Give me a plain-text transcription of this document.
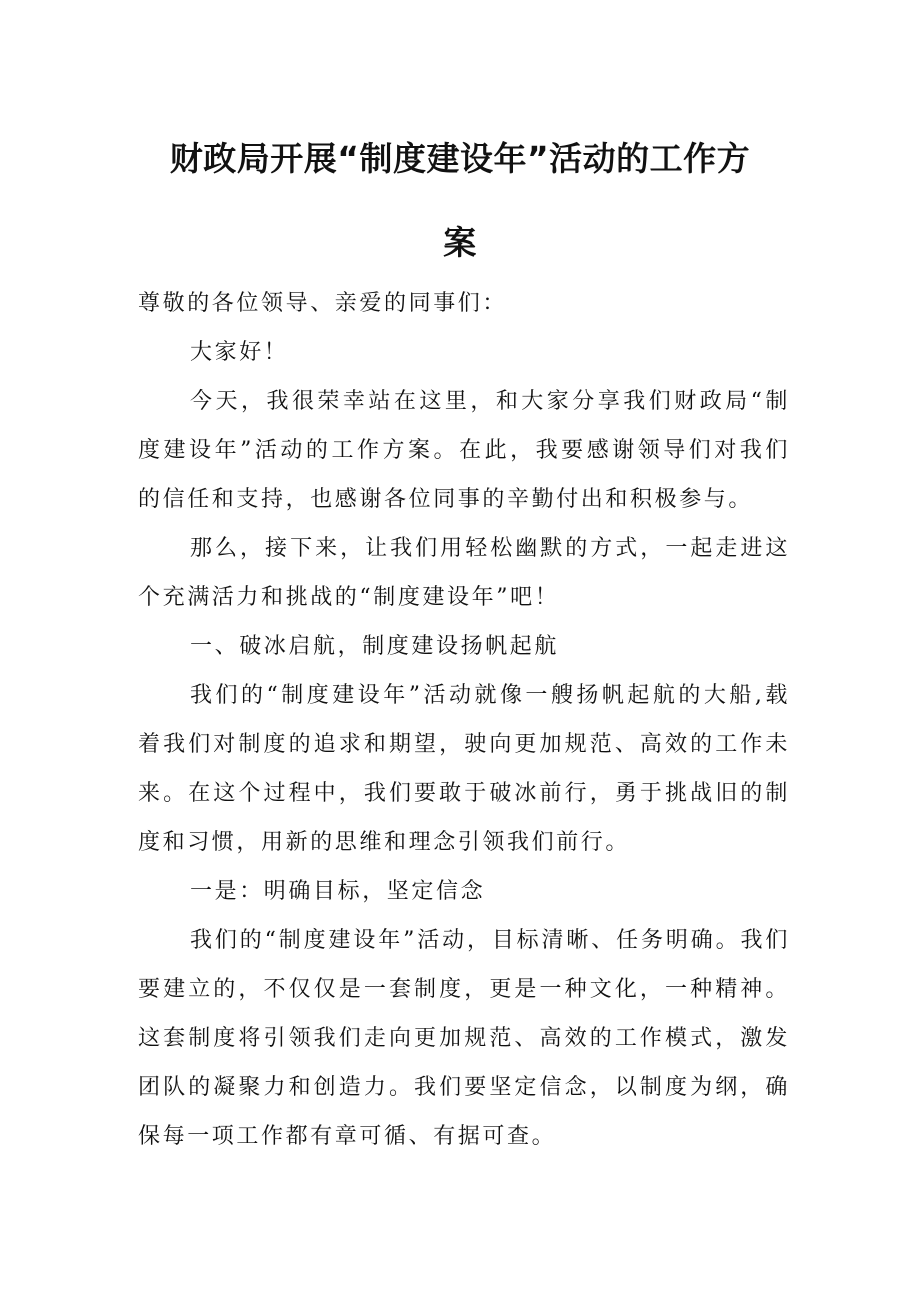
财政局开展“制度建设年”活动的工作方
案

尊敬的各位领导、亲爱的同事们：

大家好！

今天，我很荣幸站在这里，和大家分享我们财政局“制度建设年”活动的工作方案。在此，我要感谢领导们对我们的信任和支持，也感谢各位同事的辛勤付出和积极参与。

那么，接下来，让我们用轻松幽默的方式，一起走进这个充满活力和挑战的“制度建设年”吧！

一、破冰启航，制度建设扬帆起航

我们的“制度建设年”活动就像一艘扬帆起航的大船,载着我们对制度的追求和期望，驶向更加规范、高效的工作未来。在这个过程中，我们要敢于破冰前行，勇于挑战旧的制度和习惯，用新的思维和理念引领我们前行。

一是：明确目标，坚定信念

我们的“制度建设年”活动，目标清晰、任务明确。我们要建立的，不仅仅是一套制度，更是一种文化，一种精神。这套制度将引领我们走向更加规范、高效的工作模式，激发团队的凝聚力和创造力。我们要坚定信念，以制度为纲，确保每一项工作都有章可循、有据可查。
